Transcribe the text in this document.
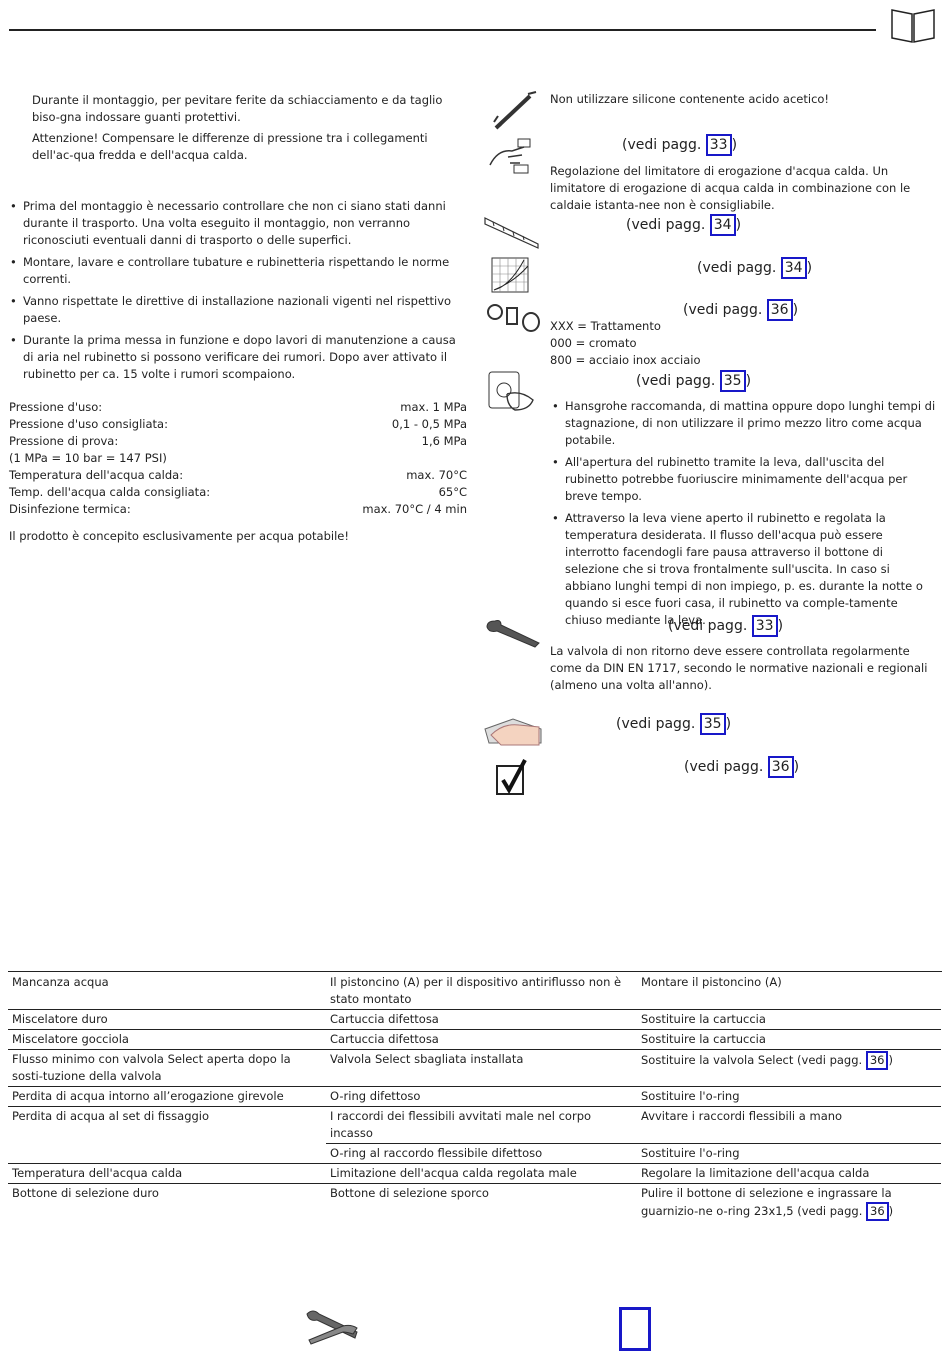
Durante il montaggio, per pevitare ferite da schiacciamento e da taglio biso-gna indossare guanti protettivi.

Attenzione! Compensare le differenze di pressione tra i collegamenti dell'ac-qua fredda e dell'acqua calda.

• Prima del montaggio è necessario controllare che non ci siano stati danni durante il trasporto. Una volta eseguito il montaggio, non verranno riconosciuti eventuali danni di trasporto o delle superfici.
• Montare, lavare e controllare tubature e rubinetteria rispettando le norme correnti.
• Vanno rispettate le direttive di installazione nazionali vigenti nel rispettivo paese.
• Durante la prima messa in funzione e dopo lavori di manutenzione a causa di aria nel rubinetto si possono verificare dei rumori. Dopo aver attivato il rubinetto per ca. 15 volte i rumori scompaiono.
Pressione d'uso:	max. 1 MPa
Pressione d'uso consigliata:	0,1 - 0,5 MPa
Pressione di prova:	1,6 MPa
(1 MPa = 10 bar = 147 PSI)
Temperatura dell'acqua calda:	max. 70°C
Temp. dell'acqua calda consigliata:	65°C
Disinfezione termica:	max. 70°C / 4 min

Il prodotto è concepito esclusivamente per acqua potabile!

Non utilizzare silicone contenente acido acetico!

(vedi pagg. 33 )

Regolazione del limitatore di erogazione d'acqua calda. Un limitatore di erogazione di acqua calda in combinazione con le caldaie istanta-nee non è consigliabile.

(vedi pagg. 34 )
(vedi pagg. 34 )
(vedi pagg. 36 )
XXX = Trattamento
000 = cromato
800 = acciaio inox acciaio
(vedi pagg. 35 )
• Hansgrohe raccomanda, di mattina oppure dopo lunghi tempi di stagnazione, di non utilizzare il primo mezzo litro come acqua potabile.
• All'apertura del rubinetto tramite la leva, dall'uscita del rubinetto potrebbe fuoriuscire minimamente dell'acqua per breve tempo.
• Attraverso la leva viene aperto il rubinetto e regolata la temperatura desiderata. Il flusso dell'acqua può essere interrotto facendogli fare pausa attraverso il bottone di selezione che si trova frontalmente sull'uscita. In caso si abbiano lunghi tempi di non impiego, p. es. durante la notte o quando si esce fuori casa, il rubinetto va comple-tamente chiuso mediante la leva.
(vedi pagg. 33 )

La valvola di non ritorno deve essere controllata regolarmente come da DIN EN 1717, secondo le normative nazionali e regionali (almeno una volta all'anno).

(vedi pagg. 35 )
(vedi pagg. 36 )
Mancanza acqua	Il pistoncino (A) per il dispositivo antiriflusso non è stato montato	Montare il pistoncino (A)
Miscelatore duro	Cartuccia difettosa	Sostituire la cartuccia
Miscelatore gocciola	Cartuccia difettosa	Sostituire la cartuccia
Flusso minimo con valvola Select aperta dopo la sosti-tuzione della valvola	Valvola Select sbagliata installata	Sostituire la valvola Select (vedi pagg. 36 )
Perdita di acqua intorno all’erogazione girevole	O-ring difettoso	Sostituire l'o-ring
Perdita di acqua al set di fissaggio	I raccordi dei flessibili avvitati male nel corpo incasso	Avvitare i raccordi flessibili a mano
	O-ring al raccordo flessibile difettoso	Sostituire l'o-ring
Temperatura dell'acqua calda	Limitazione dell'acqua calda regolata male	Regolare la limitazione dell'acqua calda
Bottone di selezione duro	Bottone di selezione sporco	Pulire il bottone di selezione e ingrassare la guarnizio-ne o-ring 23x1,5 (vedi pagg. 36 )
